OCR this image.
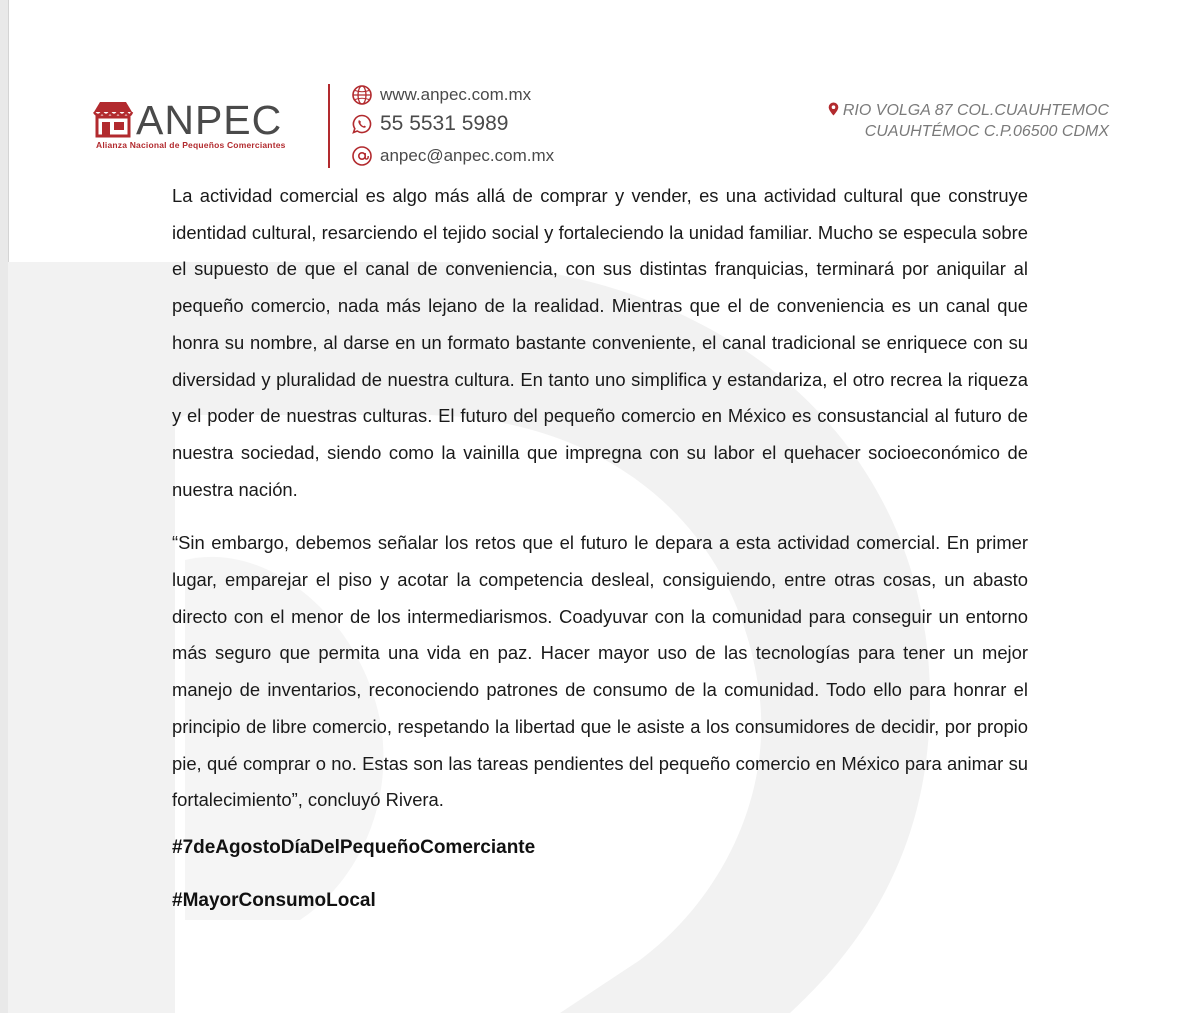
ANPEC
Alianza Nacional de Pequeños Comerciantes
www.anpec.com.mx
55 5531 5989
anpec@anpec.com.mx
RIO VOLGA 87 COL.CUAUHTEMOC
CUAUHTÉMOC C.P.06500 CDMX

La actividad comercial es algo más allá de comprar y vender, es una actividad cultural que construye identidad cultural, resarciendo el tejido social y fortaleciendo la unidad familiar. Mucho se especula sobre el supuesto de que el canal de conveniencia, con sus distintas franquicias, terminará por aniquilar al pequeño comercio, nada más lejano de la realidad. Mientras que el de conveniencia es un canal que honra su nombre, al darse en un formato bastante conveniente, el canal tradicional se enriquece con su diversidad y pluralidad de nuestra cultura. En tanto uno simplifica y estandariza, el otro recrea la riqueza y el poder de nuestras culturas. El futuro del pequeño comercio en México es consustancial al futuro de nuestra sociedad, siendo como la vainilla que impregna con su labor el quehacer socioeconómico de nuestra nación.

“Sin embargo, debemos señalar los retos que el futuro le depara a esta actividad comercial. En primer lugar, emparejar el piso y acotar la competencia desleal, consiguiendo, entre otras cosas, un abasto directo con el menor de los intermediarismos. Coadyuvar con la comunidad para conseguir un entorno más seguro que permita una vida en paz. Hacer mayor uso de las tecnologías para tener un mejor manejo de inventarios, reconociendo patrones de consumo de la comunidad. Todo ello para honrar el principio de libre comercio, respetando la libertad que le asiste a los consumidores de decidir, por propio pie, qué comprar o no. Estas son las tareas pendientes del pequeño comercio en México para animar su fortalecimiento”, concluyó Rivera.

#7deAgostoDíaDelPequeñoComerciante

#MayorConsumoLocal
